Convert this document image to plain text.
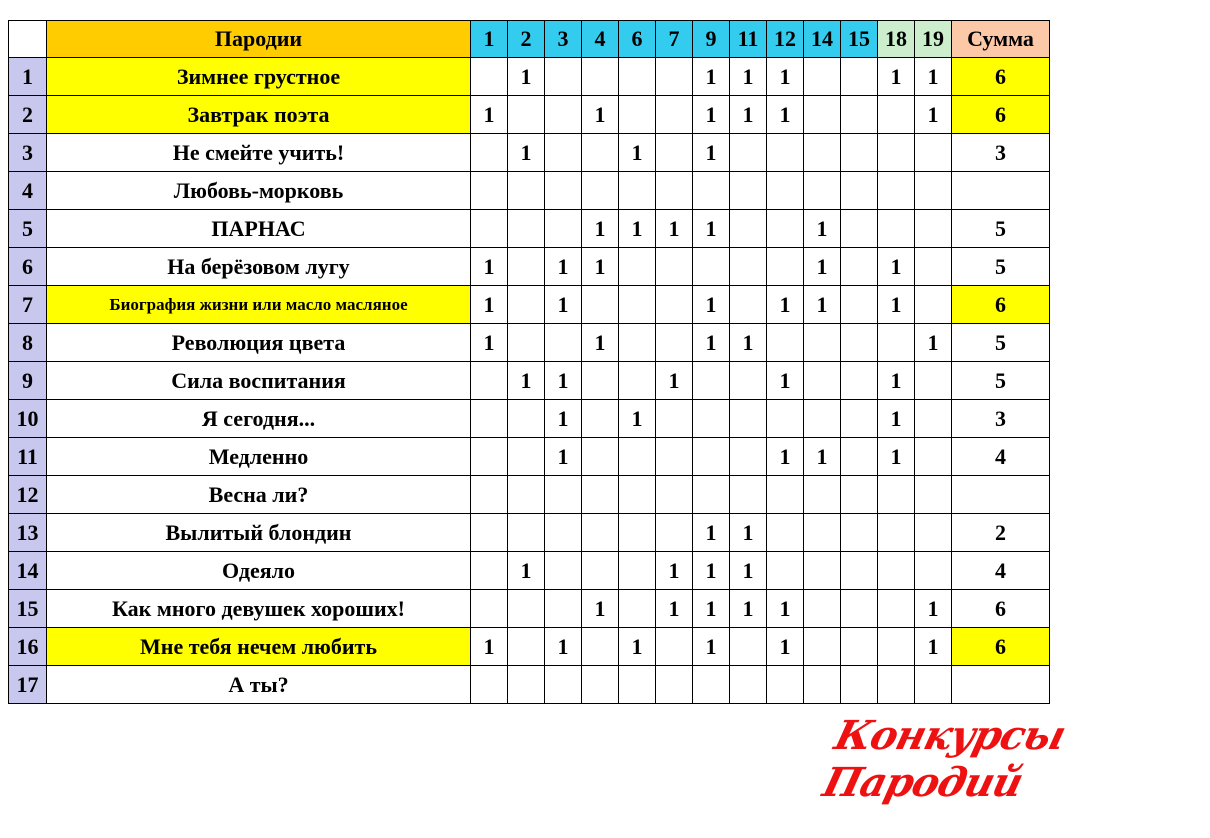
	Пародии	1	2	3	4	6	7	9	11	12	14	15	18	19	Сумма
1	Зимнее грустное		1					1	1	1			1	1	6
2	Завтрак поэта	1			1			1	1	1				1	6
3	Не смейте учить!		1			1		1							3
4	Любовь-морковь														
5	ПАРНАС				1	1	1	1			1				5
6	На берёзовом лугу	1		1	1						1		1		5
7	Биография жизни или масло масляное	1		1				1		1	1		1		6
8	Революция цвета	1			1			1	1					1	5
9	Сила воспитания		1	1			1			1			1		5
10	Я сегодня...			1		1							1		3
11	Медленно			1						1	1		1		4
12	Весна ли?														
13	Вылитый блондин							1	1						2
14	Одеяло		1				1	1	1						4
15	Как много девушек хороших!				1		1	1	1	1				1	6
16	Мне тебя нечем любить	1		1		1		1		1				1	6
17	А ты?														
Конкурсы Пародий
